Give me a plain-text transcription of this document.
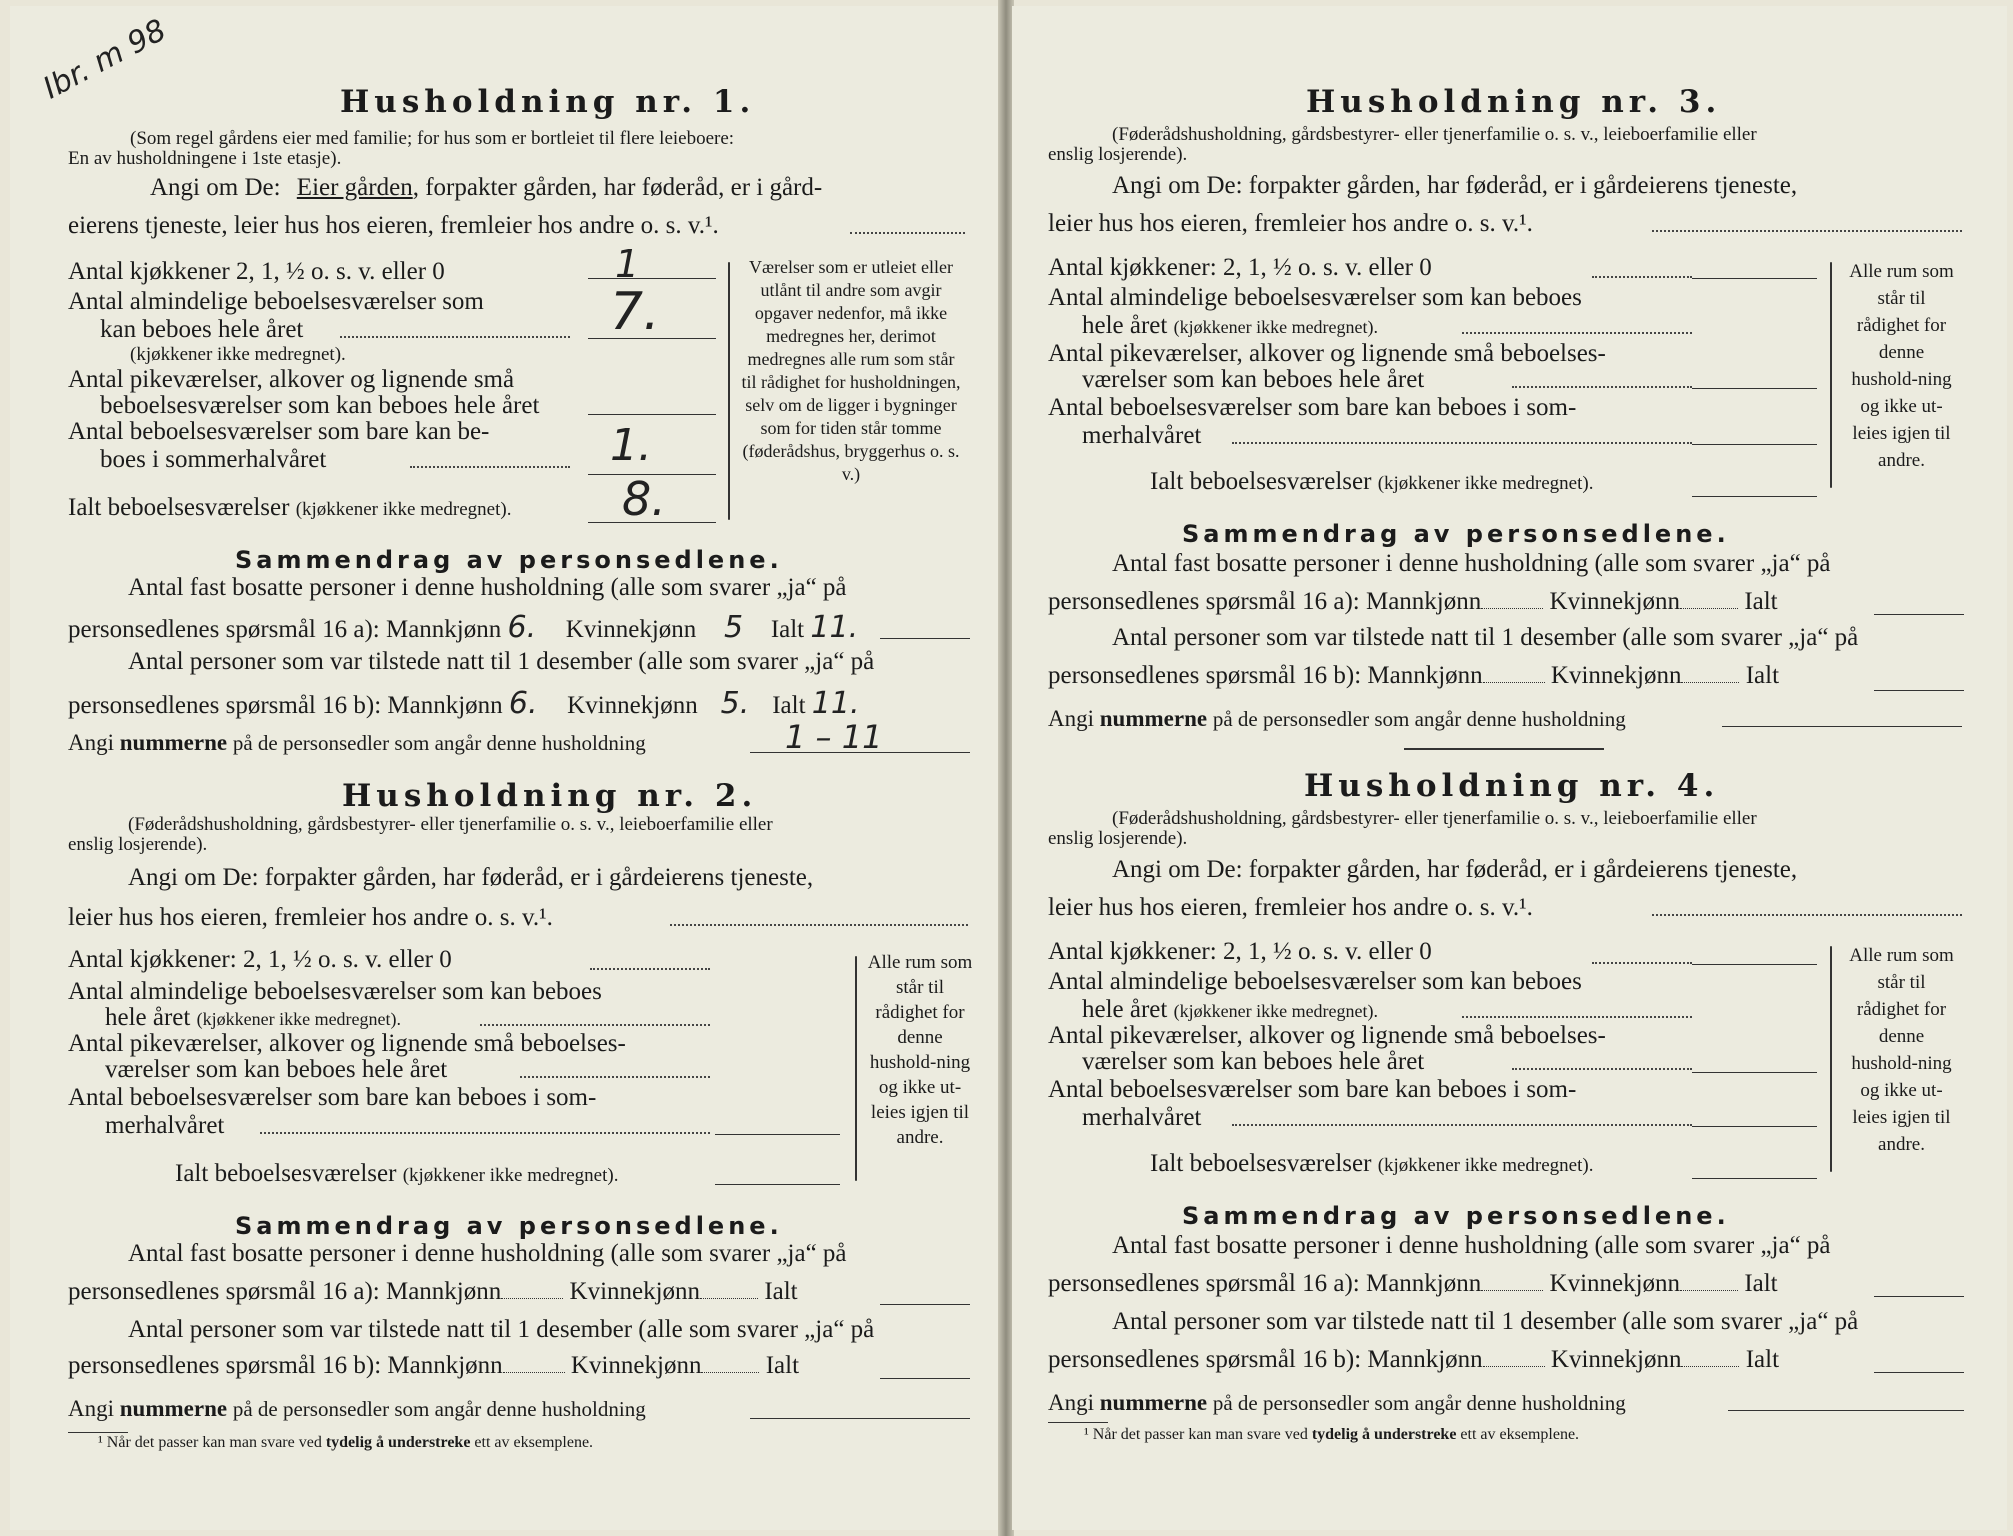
Ibr. m 98	Husholdning nr. 1.
(Som regel gårdens eier med familie; for hus som er bortleiet til flere leieboere:
En av husholdningene i 1ste etasje).
Angi om De: Eier gården, forpakter gården, har føderåd, er i gård-
eierens tjeneste, leier hus hos eieren, fremleier hos andre o. s. v.¹.
Antal kjøkkener 2, 1, ½ o. s. v. eller 0	1
Antal almindelige beboelsesværelser som
kan beboes hele året	7.
(kjøkkener ikke medregnet).
Antal pikeværelser, alkover og lignende små
beboelsesværelser som kan beboes hele året
Antal beboelsesværelser som bare kan be-
boes i sommerhalvåret	1.
Ialt beboelsesværelser (kjøkkener ikke medregnet). 8.
Værelser som er utleiet eller utlånt til andre som avgir opgaver nedenfor, må ikke medregnes her, derimot medregnes alle rum som står til rådighet for husholdningen, selv om de ligger i bygninger som for tiden står tomme (føderådshus, bryggerhus o. s. v.)
Sammendrag av personsedlene.
Antal fast bosatte personer i denne husholdning (alle som svarer „ja“ på
personsedlenes spørsmål 16 a): Mannkjønn 6. Kvinnekjønn 5 Ialt 11.
Antal personer som var tilstede natt til 1 desember (alle som svarer „ja“ på
personsedlenes spørsmål 16 b): Mannkjønn 6. Kvinnekjønn 5. Ialt 11.
Angi nummerne på de personsedler som angår denne husholdning	1 – 11
Husholdning nr. 2.
(Føderådshusholdning, gårdsbestyrer- eller tjenerfamilie o. s. v., leieboerfamilie eller
enslig losjerende).
Angi om De: forpakter gården, har føderåd, er i gårdeierens tjeneste,
leier hus hos eieren, fremleier hos andre o. s. v.¹.
Antal kjøkkener: 2, 1, ½ o. s. v. eller 0
Antal almindelige beboelsesværelser som kan beboes
hele året (kjøkkener ikke medregnet).
Antal pikeværelser, alkover og lignende små beboelses-
værelser som kan beboes hele året
Antal beboelsesværelser som bare kan beboes i som-
merhalvåret
Ialt beboelsesværelser (kjøkkener ikke medregnet).
Alle rum som står til rådighet for denne hushold-ning og ikke ut-leies igjen til andre.
Sammendrag av personsedlene.
Antal fast bosatte personer i denne husholdning (alle som svarer „ja“ på
personsedlenes spørsmål 16 a): Mannkjønn	Kvinnekjønn	Ialt
Antal personer som var tilstede natt til 1 desember (alle som svarer „ja“ på
personsedlenes spørsmål 16 b): Mannkjønn	Kvinnekjønn	Ialt
Angi nummerne på de personsedler som angår denne husholdning
¹ Når det passer kan man svare ved tydelig å understreke ett av eksemplene.
Husholdning nr. 3.
(Føderådshusholdning, gårdsbestyrer- eller tjenerfamilie o. s. v., leieboerfamilie eller
enslig losjerende).
Angi om De: forpakter gården, har føderåd, er i gårdeierens tjeneste,
leier hus hos eieren, fremleier hos andre o. s. v.¹.
Antal kjøkkener: 2, 1, ½ o. s. v. eller 0
Antal almindelige beboelsesværelser som kan beboes
hele året (kjøkkener ikke medregnet).
Antal pikeværelser, alkover og lignende små beboelses-
værelser som kan beboes hele året
Antal beboelsesværelser som bare kan beboes i som-
merhalvåret
Ialt beboelsesværelser (kjøkkener ikke medregnet).
Alle rum som står til rådighet for denne hushold-ning og ikke ut-leies igjen til andre.
Sammendrag av personsedlene.
Antal fast bosatte personer i denne husholdning (alle som svarer „ja“ på
personsedlenes spørsmål 16 a): Mannkjønn	Kvinnekjønn	Ialt
Antal personer som var tilstede natt til 1 desember (alle som svarer „ja“ på
personsedlenes spørsmål 16 b): Mannkjønn	Kvinnekjønn	Ialt
Angi nummerne på de personsedler som angår denne husholdning
Husholdning nr. 4.
(Føderådshusholdning, gårdsbestyrer- eller tjenerfamilie o. s. v., leieboerfamilie eller
enslig losjerende).
Angi om De: forpakter gården, har føderåd, er i gårdeierens tjeneste,
leier hus hos eieren, fremleier hos andre o. s. v.¹.
Antal kjøkkener: 2, 1, ½ o. s. v. eller 0
Antal almindelige beboelsesværelser som kan beboes
hele året (kjøkkener ikke medregnet).
Antal pikeværelser, alkover og lignende små beboelses-
værelser som kan beboes hele året
Antal beboelsesværelser som bare kan beboes i som-
merhalvåret
Ialt beboelsesværelser (kjøkkener ikke medregnet).
Alle rum som står til rådighet for denne hushold-ning og ikke ut-leies igjen til andre.
Sammendrag av personsedlene.
Antal fast bosatte personer i denne husholdning (alle som svarer „ja“ på
personsedlenes spørsmål 16 a): Mannkjønn	Kvinnekjønn	Ialt
Antal personer som var tilstede natt til 1 desember (alle som svarer „ja“ på
personsedlenes spørsmål 16 b): Mannkjønn	Kvinnekjønn	Ialt
Angi nummerne på de personsedler som angår denne husholdning
¹ Når det passer kan man svare ved tydelig å understreke ett av eksemplene.
